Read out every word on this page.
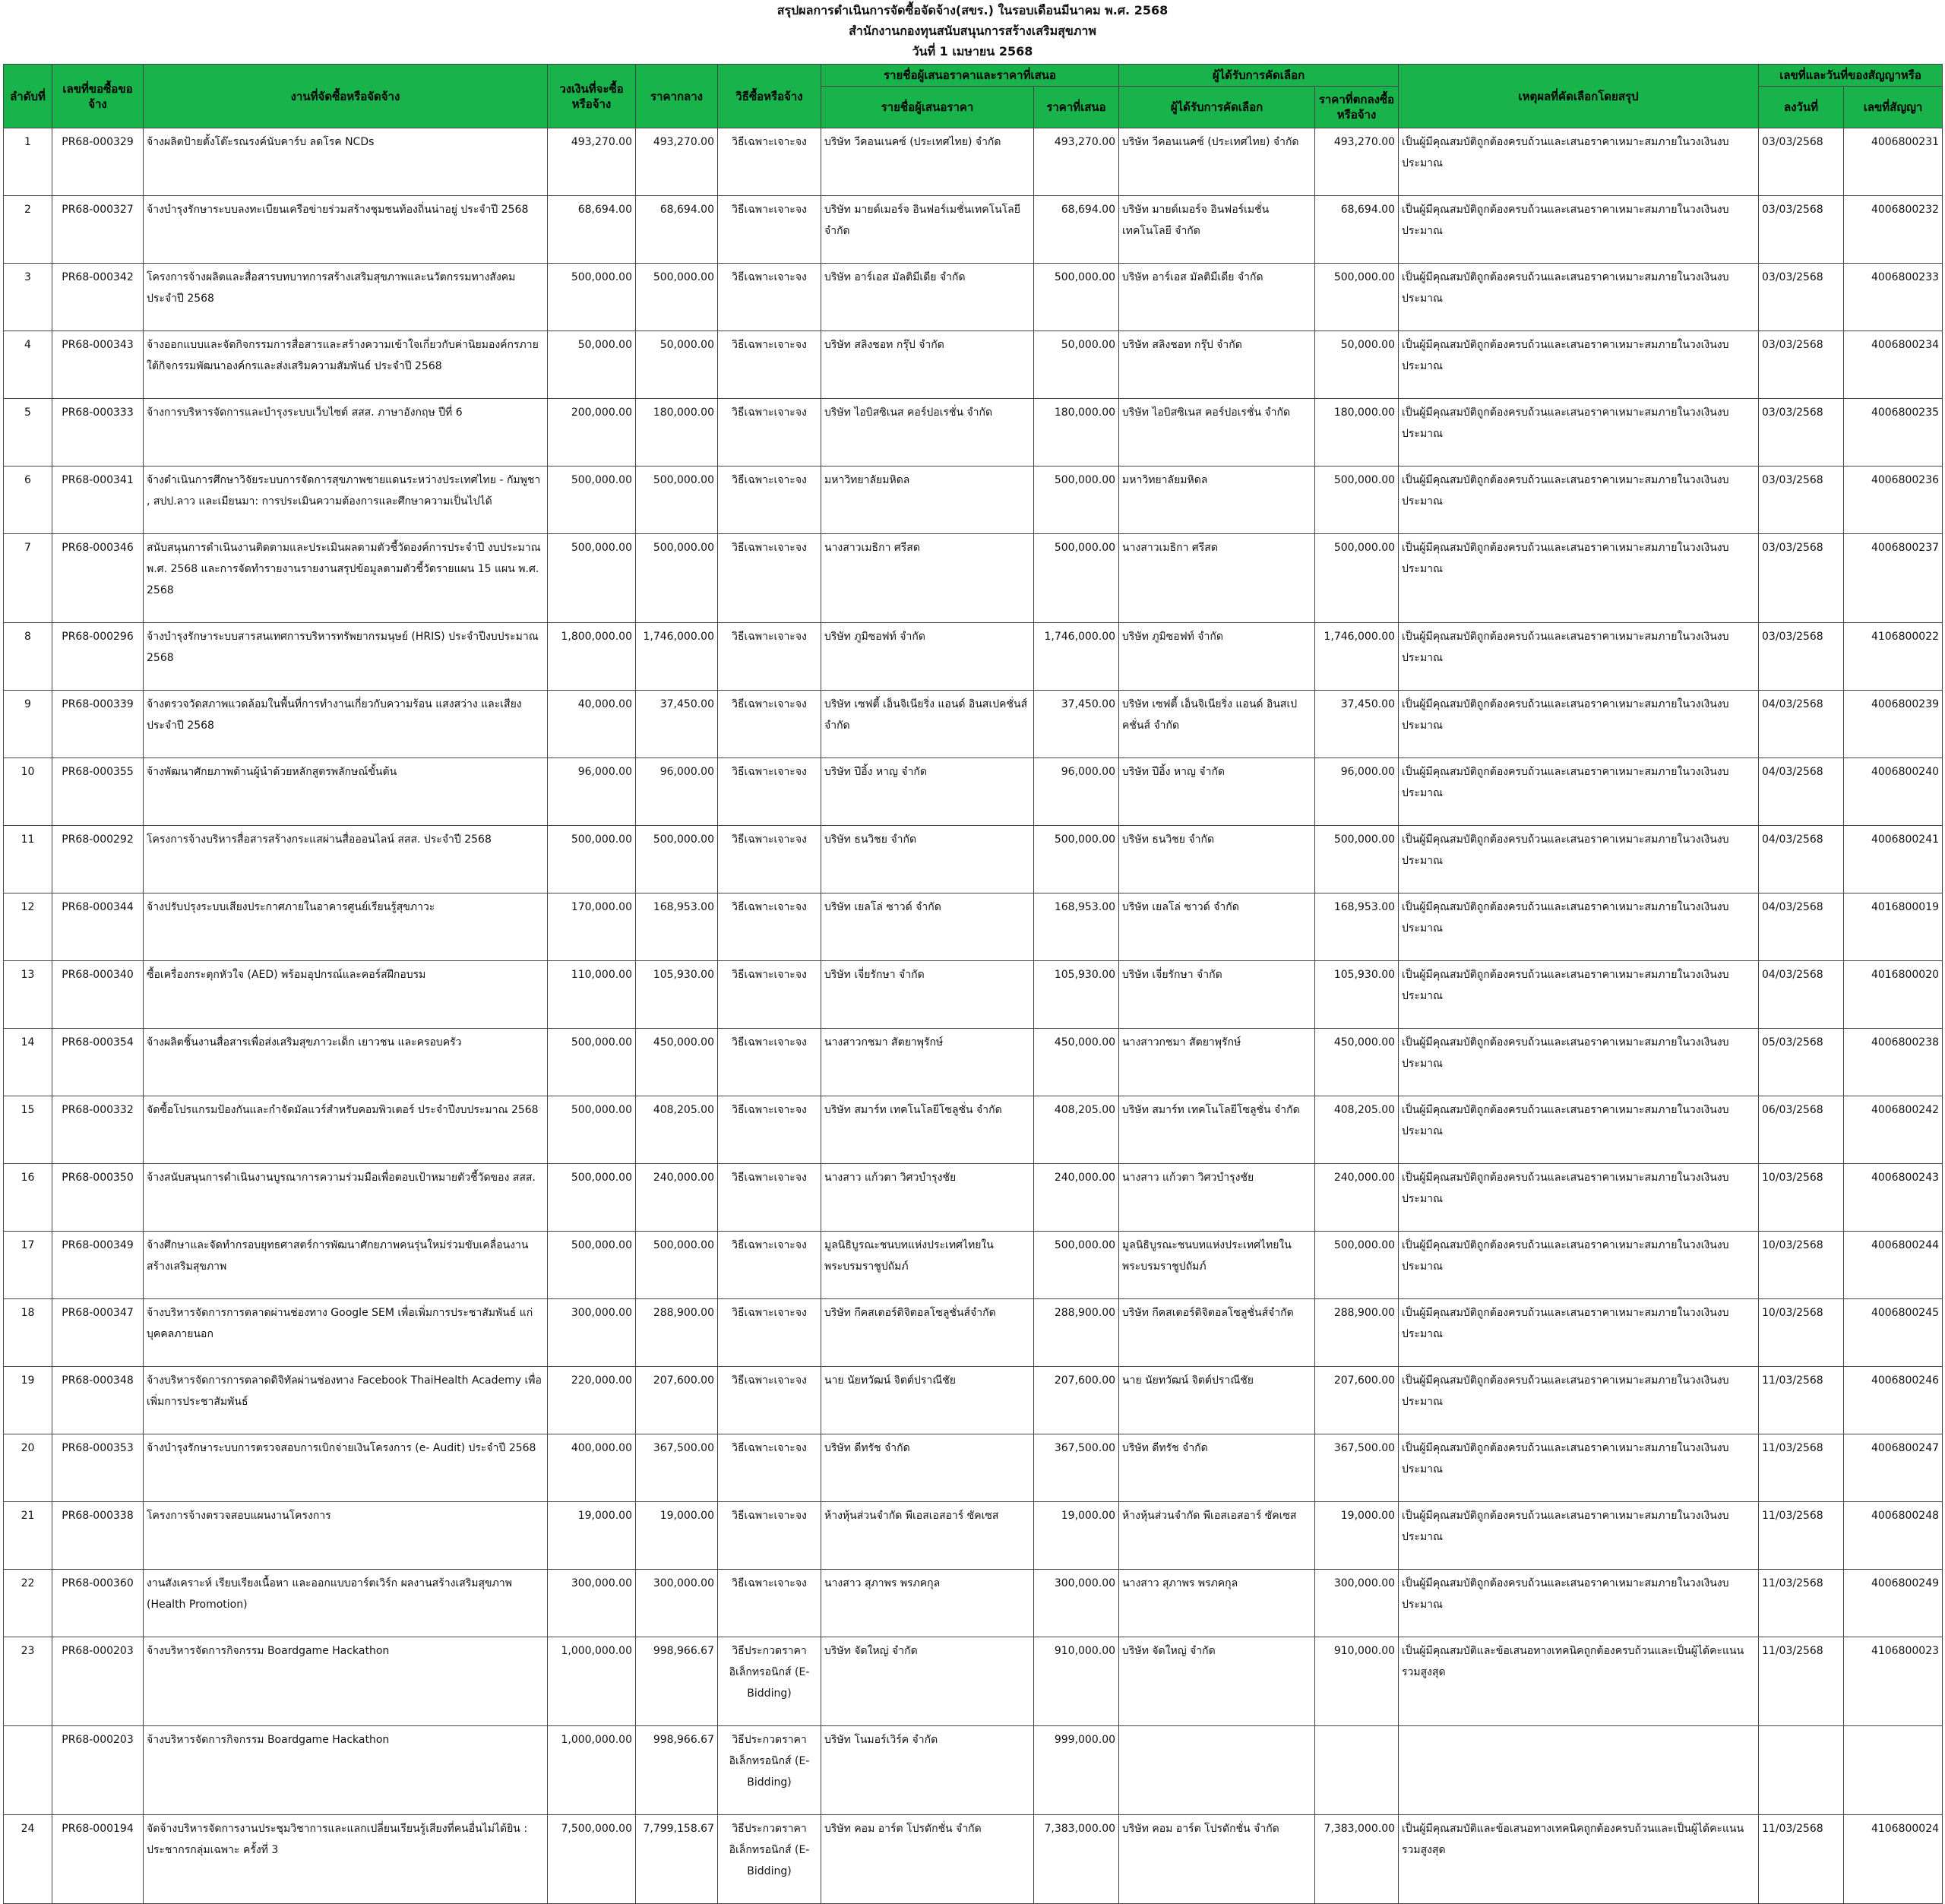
สรุปผลการดำเนินการจัดซื้อจัดจ้าง(สขร.) ในรอบเดือนมีนาคม พ.ศ. 2568
สำนักงานกองทุนสนับสนุนการสร้างเสริมสุขภาพ
วันที่ 1 เมษายน 2568
ลำดับที่	เลขที่ขอซื้อขอจ้าง	งานที่จัดซื้อหรือจัดจ้าง	วงเงินที่จะซื้อหรือจ้าง	ราคากลาง	วิธีซื้อหรือจ้าง	รายชื่อผู้เสนอราคาและราคาที่เสนอ		ผู้ได้รับการคัดเลือก		เหตุผลที่คัดเลือกโดยสรุป	เลขที่และวันที่ของสัญญาหรือ	
						รายชื่อผู้เสนอราคา	ราคาที่เสนอ	ผู้ได้รับการคัดเลือก	ราคาที่ตกลงซื้อหรือจ้าง		ลงวันที่	เลขที่สัญญา
1	PR68-000329	จ้างผลิตป้ายตั้งโต๊ะรณรงค์นับคาร์บ ลดโรค NCDs	493,270.00	493,270.00	วิธีเฉพาะเจาะจง	บริษัท วีคอนเนคซ์ (ประเทศไทย) จำกัด	493,270.00	บริษัท วีคอนเนคซ์ (ประเทศไทย) จำกัด	493,270.00	เป็นผู้มีคุณสมบัติถูกต้องครบถ้วนและเสนอราคาเหมาะสมภายในวงเงินงบประมาณ	03/03/2568	4006800231
2	PR68-000327	จ้างบำรุงรักษาระบบลงทะเบียนเครือข่ายร่วมสร้างชุมชนท้องถิ่นน่าอยู่ ประจำปี 2568	68,694.00	68,694.00	วิธีเฉพาะเจาะจง	บริษัท มายด์เมอร์จ อินฟอร์เมชั่นเทคโนโลยี จำกัด	68,694.00	บริษัท มายด์เมอร์จ อินฟอร์เมชั่นเทคโนโลยี จำกัด	68,694.00	เป็นผู้มีคุณสมบัติถูกต้องครบถ้วนและเสนอราคาเหมาะสมภายในวงเงินงบประมาณ	03/03/2568	4006800232
3	PR68-000342	โครงการจ้างผลิตและสื่อสารบทบาทการสร้างเสริมสุขภาพและนวัตกรรมทางสังคม ประจำปี 2568	500,000.00	500,000.00	วิธีเฉพาะเจาะจง	บริษัท อาร์เอส มัลติมีเดีย จำกัด	500,000.00	บริษัท อาร์เอส มัลติมีเดีย จำกัด	500,000.00	เป็นผู้มีคุณสมบัติถูกต้องครบถ้วนและเสนอราคาเหมาะสมภายในวงเงินงบประมาณ	03/03/2568	4006800233
4	PR68-000343	จ้างออกแบบและจัดกิจกรรมการสื่อสารและสร้างความเข้าใจเกี่ยวกับค่านิยมองค์กรภายใต้กิจกรรมพัฒนาองค์กรและส่งเสริมความสัมพันธ์ ประจำปี 2568	50,000.00	50,000.00	วิธีเฉพาะเจาะจง	บริษัท สลิงชอท กรุ๊ป จำกัด	50,000.00	บริษัท สลิงชอท กรุ๊ป จำกัด	50,000.00	เป็นผู้มีคุณสมบัติถูกต้องครบถ้วนและเสนอราคาเหมาะสมภายในวงเงินงบประมาณ	03/03/2568	4006800234
5	PR68-000333	จ้างการบริหารจัดการและบำรุงระบบเว็บไซต์ สสส. ภาษาอังกฤษ ปีที่ 6	200,000.00	180,000.00	วิธีเฉพาะเจาะจง	บริษัท ไอบิสซิเนส คอร์ปอเรชั่น จำกัด	180,000.00	บริษัท ไอบิสซิเนส คอร์ปอเรชั่น จำกัด	180,000.00	เป็นผู้มีคุณสมบัติถูกต้องครบถ้วนและเสนอราคาเหมาะสมภายในวงเงินงบประมาณ	03/03/2568	4006800235
6	PR68-000341	จ้างดำเนินการศึกษาวิจัยระบบการจัดการสุขภาพชายแดนระหว่างประเทศไทย - กัมพูชา , สปป.ลาว และเมียนมา: การประเมินความต้องการและศึกษาความเป็นไปได้	500,000.00	500,000.00	วิธีเฉพาะเจาะจง	มหาวิทยาลัยมหิดล	500,000.00	มหาวิทยาลัยมหิดล	500,000.00	เป็นผู้มีคุณสมบัติถูกต้องครบถ้วนและเสนอราคาเหมาะสมภายในวงเงินงบประมาณ	03/03/2568	4006800236
7	PR68-000346	สนับสนุนการดำเนินงานติดตามและประเมินผลตามตัวชี้วัดองค์การประจำปี งบประมาณ พ.ศ. 2568 และการจัดทำรายงานรายงานสรุปข้อมูลตามตัวชี้วัดรายแผน 15 แผน พ.ศ. 2568	500,000.00	500,000.00	วิธีเฉพาะเจาะจง	นางสาวเมธิกา ศรีสด	500,000.00	นางสาวเมธิกา ศรีสด	500,000.00	เป็นผู้มีคุณสมบัติถูกต้องครบถ้วนและเสนอราคาเหมาะสมภายในวงเงินงบประมาณ	03/03/2568	4006800237
8	PR68-000296	จ้างบำรุงรักษาระบบสารสนเทศการบริหารทรัพยากรมนุษย์ (HRIS) ประจำปีงบประมาณ 2568	1,800,000.00	1,746,000.00	วิธีเฉพาะเจาะจง	บริษัท ภูมิซอฟท์ จำกัด	1,746,000.00	บริษัท ภูมิซอฟท์ จำกัด	1,746,000.00	เป็นผู้มีคุณสมบัติถูกต้องครบถ้วนและเสนอราคาเหมาะสมภายในวงเงินงบประมาณ	03/03/2568	4106800022
9	PR68-000339	จ้างตรวจวัดสภาพแวดล้อมในพื้นที่การทำงานเกี่ยวกับความร้อน แสงสว่าง และเสียง ประจำปี 2568	40,000.00	37,450.00	วิธีเฉพาะเจาะจง	บริษัท เซฟตี้ เอ็นจิเนียริ่ง แอนด์ อินสเปคชั่นส์ จำกัด	37,450.00	บริษัท เซฟตี้ เอ็นจิเนียริ่ง แอนด์ อินสเปคชั่นส์ จำกัด	37,450.00	เป็นผู้มีคุณสมบัติถูกต้องครบถ้วนและเสนอราคาเหมาะสมภายในวงเงินงบประมาณ	04/03/2568	4006800239
10	PR68-000355	จ้างพัฒนาศักยภาพด้านผู้นำด้วยหลักสูตรพลักษณ์ขั้นต้น	96,000.00	96,000.00	วิธีเฉพาะเจาะจง	บริษัท ปีอิ้ง หาญ จำกัด	96,000.00	บริษัท ปีอิ้ง หาญ จำกัด	96,000.00	เป็นผู้มีคุณสมบัติถูกต้องครบถ้วนและเสนอราคาเหมาะสมภายในวงเงินงบประมาณ	04/03/2568	4006800240
11	PR68-000292	โครงการจ้างบริหารสื่อสารสร้างกระแสผ่านสื่อออนไลน์ สสส. ประจำปี 2568	500,000.00	500,000.00	วิธีเฉพาะเจาะจง	บริษัท ธนวิชย จำกัด	500,000.00	บริษัท ธนวิชย จำกัด	500,000.00	เป็นผู้มีคุณสมบัติถูกต้องครบถ้วนและเสนอราคาเหมาะสมภายในวงเงินงบประมาณ	04/03/2568	4006800241
12	PR68-000344	จ้างปรับปรุงระบบเสียงประกาศภายในอาคารศูนย์เรียนรู้สุขภาวะ	170,000.00	168,953.00	วิธีเฉพาะเจาะจง	บริษัท เยลโล่ ซาวด์ จำกัด	168,953.00	บริษัท เยลโล่ ซาวด์ จำกัด	168,953.00	เป็นผู้มีคุณสมบัติถูกต้องครบถ้วนและเสนอราคาเหมาะสมภายในวงเงินงบประมาณ	04/03/2568	4016800019
13	PR68-000340	ซื้อเครื่องกระตุกหัวใจ (AED) พร้อมอุปกรณ์และคอร์สฝึกอบรม	110,000.00	105,930.00	วิธีเฉพาะเจาะจง	บริษัท เจี่ยรักษา จำกัด	105,930.00	บริษัท เจี่ยรักษา จำกัด	105,930.00	เป็นผู้มีคุณสมบัติถูกต้องครบถ้วนและเสนอราคาเหมาะสมภายในวงเงินงบประมาณ	04/03/2568	4016800020
14	PR68-000354	จ้างผลิตชิ้นงานสื่อสารเพื่อส่งเสริมสุขภาวะเด็ก เยาวชน และครอบครัว	500,000.00	450,000.00	วิธีเฉพาะเจาะจง	นางสาวกชมา สัตยาพุรักษ์	450,000.00	นางสาวกชมา สัตยาพุรักษ์	450,000.00	เป็นผู้มีคุณสมบัติถูกต้องครบถ้วนและเสนอราคาเหมาะสมภายในวงเงินงบประมาณ	05/03/2568	4006800238
15	PR68-000332	จัดซื้อโปรแกรมป้องกันและกำจัดมัลแวร์สำหรับคอมพิวเตอร์ ประจำปีงบประมาณ 2568	500,000.00	408,205.00	วิธีเฉพาะเจาะจง	บริษัท สมาร์ท เทคโนโลยีโซลูชั่น จำกัด	408,205.00	บริษัท สมาร์ท เทคโนโลยีโซลูชั่น จำกัด	408,205.00	เป็นผู้มีคุณสมบัติถูกต้องครบถ้วนและเสนอราคาเหมาะสมภายในวงเงินงบประมาณ	06/03/2568	4006800242
16	PR68-000350	จ้างสนับสนุนการดำเนินงานบูรณาการความร่วมมือเพื่อตอบเป้าหมายตัวชี้วัดของ สสส.	500,000.00	240,000.00	วิธีเฉพาะเจาะจง	นางสาว แก้วตา วิศวบำรุงชัย	240,000.00	นางสาว แก้วตา วิศวบำรุงชัย	240,000.00	เป็นผู้มีคุณสมบัติถูกต้องครบถ้วนและเสนอราคาเหมาะสมภายในวงเงินงบประมาณ	10/03/2568	4006800243
17	PR68-000349	จ้างศึกษาและจัดทำกรอบยุทธศาสตร์การพัฒนาศักยภาพคนรุ่นใหม่ร่วมขับเคลื่อนงานสร้างเสริมสุขภาพ	500,000.00	500,000.00	วิธีเฉพาะเจาะจง	มูลนิธิบูรณะชนบทแห่งประเทศไทยในพระบรมราชูปถัมภ์	500,000.00	มูลนิธิบูรณะชนบทแห่งประเทศไทยในพระบรมราชูปถัมภ์	500,000.00	เป็นผู้มีคุณสมบัติถูกต้องครบถ้วนและเสนอราคาเหมาะสมภายในวงเงินงบประมาณ	10/03/2568	4006800244
18	PR68-000347	จ้างบริหารจัดการการตลาดผ่านช่องทาง Google SEM เพื่อเพิ่มการประชาสัมพันธ์ แก่บุคคลภายนอก	300,000.00	288,900.00	วิธีเฉพาะเจาะจง	บริษัท กีคสเตอร์ดิจิตอลโซลูชั่นส์จำกัด	288,900.00	บริษัท กีคสเตอร์ดิจิตอลโซลูชั่นส์จำกัด	288,900.00	เป็นผู้มีคุณสมบัติถูกต้องครบถ้วนและเสนอราคาเหมาะสมภายในวงเงินงบประมาณ	10/03/2568	4006800245
19	PR68-000348	จ้างบริหารจัดการการตลาดดิจิทัลผ่านช่องทาง Facebook ThaiHealth Academy เพื่อเพิ่มการประชาสัมพันธ์	220,000.00	207,600.00	วิธีเฉพาะเจาะจง	นาย นัยทวัฒน์ จิตต์ปราณีชัย	207,600.00	นาย นัยทวัฒน์ จิตต์ปราณีชัย	207,600.00	เป็นผู้มีคุณสมบัติถูกต้องครบถ้วนและเสนอราคาเหมาะสมภายในวงเงินงบประมาณ	11/03/2568	4006800246
20	PR68-000353	จ้างบำรุงรักษาระบบการตรวจสอบการเบิกจ่ายเงินโครงการ (e- Audit) ประจำปี 2568	400,000.00	367,500.00	วิธีเฉพาะเจาะจง	บริษัท ดีทรัช จำกัด	367,500.00	บริษัท ดีทรัช จำกัด	367,500.00	เป็นผู้มีคุณสมบัติถูกต้องครบถ้วนและเสนอราคาเหมาะสมภายในวงเงินงบประมาณ	11/03/2568	4006800247
21	PR68-000338	โครงการจ้างตรวจสอบแผนงานโครงการ	19,000.00	19,000.00	วิธีเฉพาะเจาะจง	ห้างหุ้นส่วนจำกัด พีเอสเอสอาร์ ซัคเซส	19,000.00	ห้างหุ้นส่วนจำกัด พีเอสเอสอาร์ ซัคเซส	19,000.00	เป็นผู้มีคุณสมบัติถูกต้องครบถ้วนและเสนอราคาเหมาะสมภายในวงเงินงบประมาณ	11/03/2568	4006800248
22	PR68-000360	งานสังเคราะห์ เรียบเรียงเนื้อหา และออกแบบอาร์ตเวิร์ก ผลงานสร้างเสริมสุขภาพ (Health Promotion)	300,000.00	300,000.00	วิธีเฉพาะเจาะจง	นางสาว สุภาพร พรภคกุล	300,000.00	นางสาว สุภาพร พรภคกุล	300,000.00	เป็นผู้มีคุณสมบัติถูกต้องครบถ้วนและเสนอราคาเหมาะสมภายในวงเงินงบประมาณ	11/03/2568	4006800249
23	PR68-000203	จ้างบริหารจัดการกิจกรรม Boardgame Hackathon	1,000,000.00	998,966.67	วิธีประกวดราคาอิเล็กทรอนิกส์ (E-Bidding)	บริษัท จัดใหญ่ จำกัด	910,000.00	บริษัท จัดใหญ่ จำกัด	910,000.00	เป็นผู้มีคุณสมบัติและข้อเสนอทางเทคนิคถูกต้องครบถ้วนและเป็นผู้ได้คะแนนรวมสูงสุด	11/03/2568	4106800023
	PR68-000203	จ้างบริหารจัดการกิจกรรม Boardgame Hackathon	1,000,000.00	998,966.67	วิธีประกวดราคาอิเล็กทรอนิกส์ (E-Bidding)	บริษัท โนมอร์เวิร์ค จำกัด	999,000.00					
24	PR68-000194	จัดจ้างบริหารจัดการงานประชุมวิชาการและแลกเปลี่ยนเรียนรู้เสียงที่คนอื่นไม่ได้ยิน : ประชากรกลุ่มเฉพาะ ครั้งที่ 3	7,500,000.00	7,799,158.67	วิธีประกวดราคาอิเล็กทรอนิกส์ (E-Bidding)	บริษัท คอม อาร์ต โปรดักชั่น จำกัด	7,383,000.00	บริษัท คอม อาร์ต โปรดักชั่น จำกัด	7,383,000.00	เป็นผู้มีคุณสมบัติและข้อเสนอทางเทคนิคถูกต้องครบถ้วนและเป็นผู้ได้คะแนนรวมสูงสุด	11/03/2568	4106800024
